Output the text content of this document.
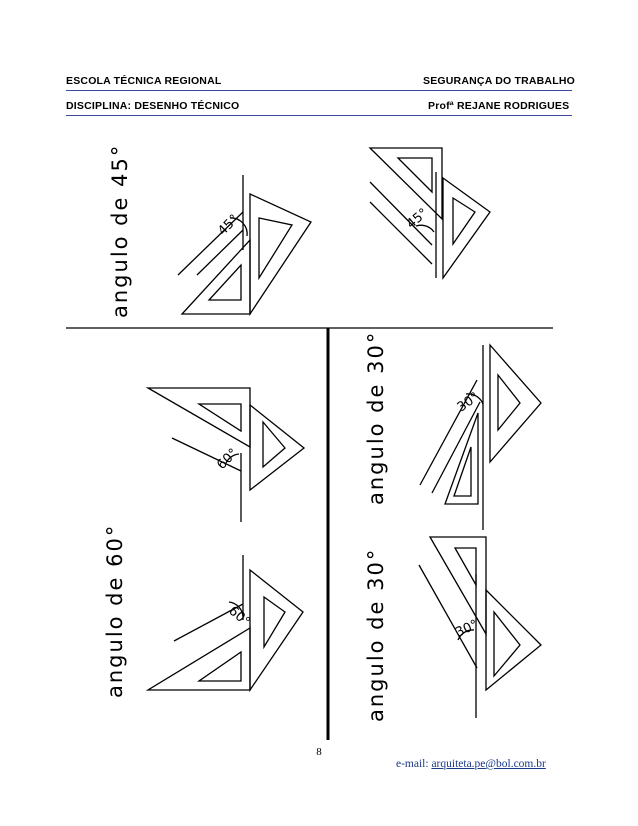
ESCOLA TÉCNICA REGIONAL	SEGURANÇA DO TRABALHO
DISCIPLINA: DESENHO TÉCNICO	Profª REJANE RODRIGUES
angulo de 45°
angulo de 60°
angulo de 30°
angulo de 30°
45°	45°
60°
60°
30°
30°
8
e-mail: arquiteta.pe@bol.com.br
